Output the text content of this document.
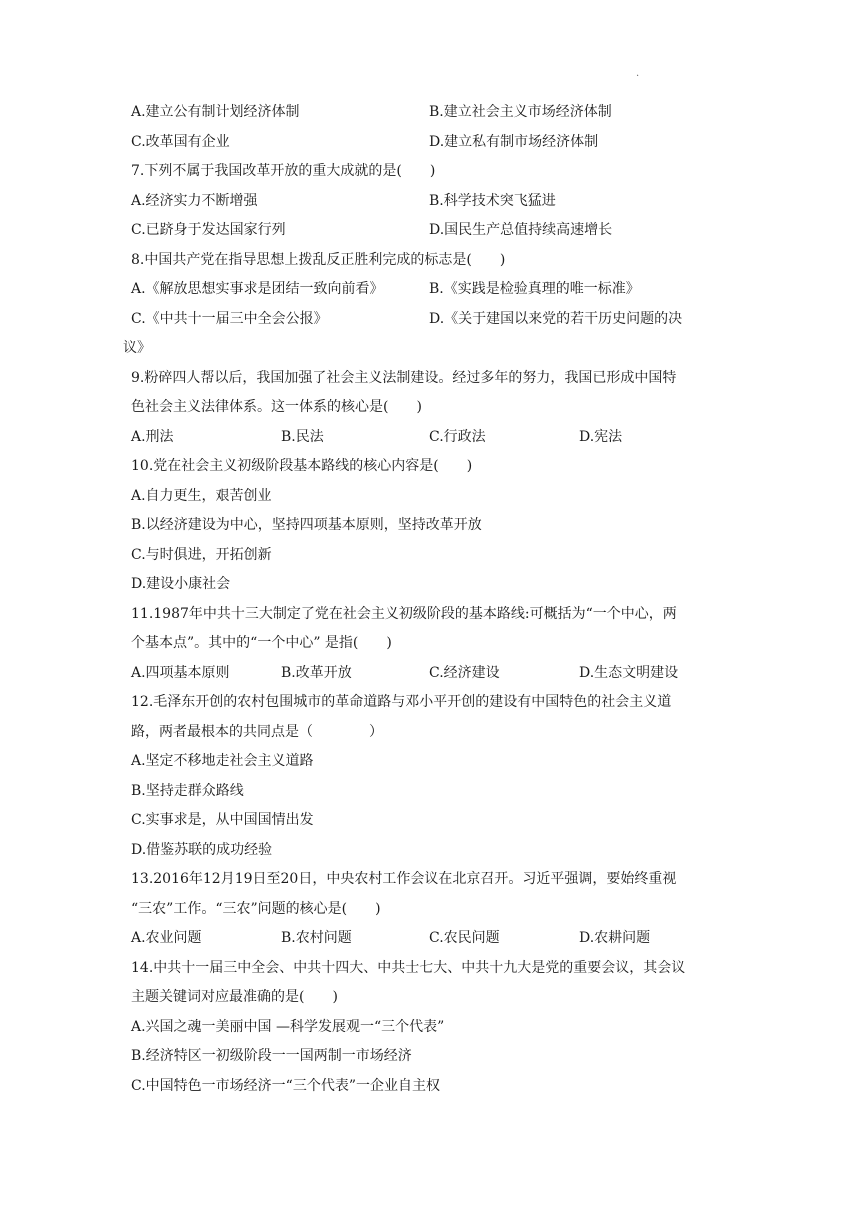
.
A.建立公有制计划经济体制	B.建立社会主义市场经济体制
C.改革国有企业	D.建立私有制市场经济体制
7.下列不属于我国改革开放的重大成就的是(　　)
A.经济实力不断增强	B.科学技术突飞猛进
C.已跻身于发达国家行列	D.国民生产总值持续高速增长
8.中国共产党在指导思想上拨乱反正胜利完成的标志是(　　)
A.《解放思想实事求是团结一致向前看》	B.《实践是检验真理的唯一标准》
C.《中共十一届三中全会公报》	D.《关于建国以来党的若干历史问题的决
议》
9.粉碎四人帮以后，我国加强了社会主义法制建设。经过多年的努力，我国已形成中国特
色社会主义法律体系。这一体系的核心是(　　)
A.刑法	B.民法	C.行政法	D.宪法
10.党在社会主义初级阶段基本路线的核心内容是(　　)
A.自力更生，艰苦创业
B.以经济建设为中心，坚持四项基本原则，坚持改革开放
C.与时俱进，开拓创新
D.建设小康社会
11.1987年中共十三大制定了党在社会主义初级阶段的基本路线:可概括为“一个中心，两
个基本点”。其中的“一个中心” 是指(　　)
A.四项基本原则	B.改革开放	C.经济建设	D.生态文明建设
12.毛泽东开创的农村包围城市的革命道路与邓小平开创的建设有中国特色的社会主义道
路，两者最根本的共同点是（　　　　）
A.坚定不移地走社会主义道路
B.坚持走群众路线
C.实事求是，从中国国情出发
D.借鉴苏联的成功经验
13.2016年12月19日至20日，中央农村工作会议在北京召开。习近平强调，要始终重视
“三农”工作。“三农”问题的核心是(　　)
A.农业问题	B.农村问题	C.农民问题	D.农耕问题
14.中共十一届三中全会、中共十四大、中共士七大、中共十九大是党的重要会议，其会议
主题关键词对应最准确的是(　　)
A.兴国之魂一美丽中国 —科学发展观一“三个代表”
B.经济特区一初级阶段一一国两制一市场经济
C.中国特色一市场经济一“三个代表”一企业自主权
